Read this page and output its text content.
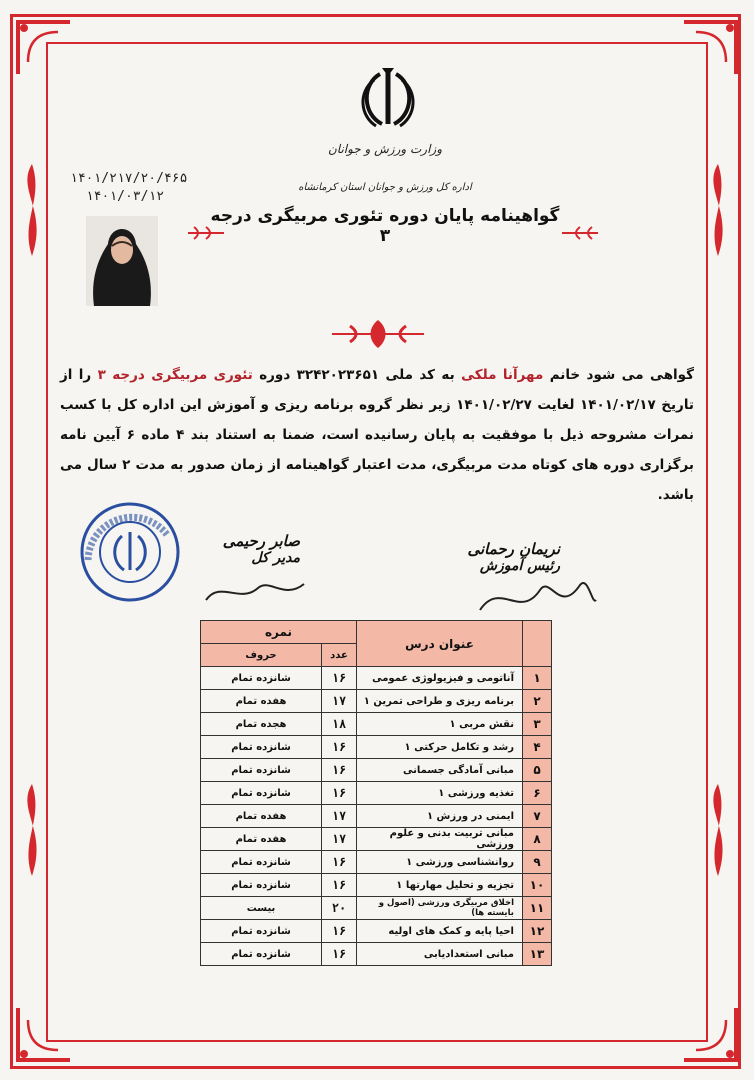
وزارت ورزش و جوانان
اداره کل ورزش و جوانان استان کرمانشاه
۱۴۰۱/۲۱۷/۲۰/۴۶۵
۱۴۰۱/۰۳/۱۲
گواهینامه پایان دوره تئوری مربیگری درجه ۳
گواهی می شود خانم مهرآنا ملکی به کد ملی ۳۲۴۲۰۲۳۶۵۱ دوره تئوری مربیگری درجه ۳ را از تاریخ ۱۴۰۱/۰۲/۱۷ لغایت ۱۴۰۱/۰۲/۲۷ زیر نظر گروه برنامه ریزی و آموزش این اداره کل با کسب نمرات مشروحه ذیل با موفقیت به پایان رسانیده است، ضمنا به استناد بند ۴ ماده ۶ آیین نامه برگزاری دوره های کوتاه مدت مربیگری، مدت اعتبار گواهینامه از زمان صدور به مدت ۲ سال می باشد.
نریمان رحمانی
رئیس آموزش
صابر رحیمی
مدیر کل
	عنوان درس	نمره	
		عدد	حروف
۱	آناتومی و فیزیولوژی عمومی	۱۶	شانزده تمام
۲	برنامه ریزی و طراحی تمرین ۱	۱۷	هفده تمام
۳	نقش مربی ۱	۱۸	هجده تمام
۴	رشد و تکامل حرکتی ۱	۱۶	شانزده تمام
۵	مبانی آمادگی جسمانی	۱۶	شانزده تمام
۶	تغذیه ورزشی ۱	۱۶	شانزده تمام
۷	ایمنی در ورزش ۱	۱۷	هفده تمام
۸	مبانی تربیت بدنی و علوم ورزشی	۱۷	هفده تمام
۹	روانشناسی ورزشی ۱	۱۶	شانزده تمام
۱۰	تجزیه و تحلیل مهارتها ۱	۱۶	شانزده تمام
۱۱	اخلاق مربیگری ورزشی (اصول و بایسته ها)	۲۰	بیست
۱۲	احیا پایه و کمک های اولیه	۱۶	شانزده تمام
۱۳	مبانی استعدادیابی	۱۶	شانزده تمام
